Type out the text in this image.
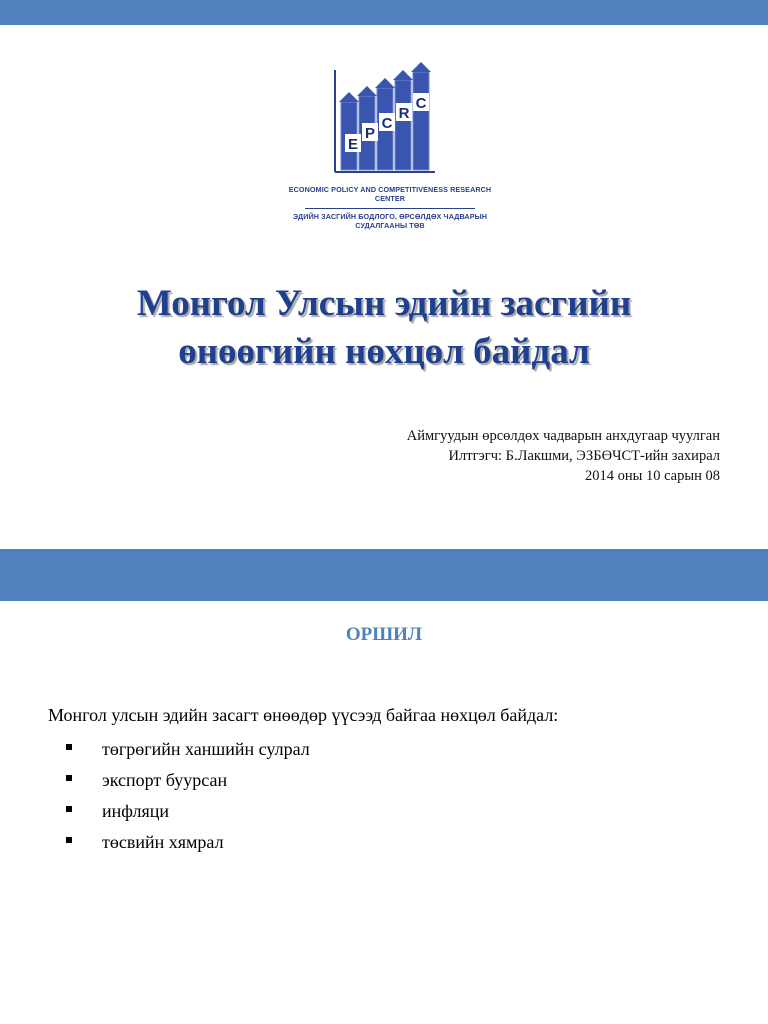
E
P
C
R
C
ECONOMIC POLICY AND COMPETITIVENESS RESEARCH CENTER
ЭДИЙН ЗАСГИЙН БОДЛОГО, ӨРСӨЛДӨХ ЧАДВАРЫН СУДАЛГААНЫ ТӨВ
Монгол Улсын эдийн засгийн
өнөөгийн нөхцөл байдал
Аймгуудын өрсөлдөх чадварын анхдугаар чуулган
Илтгэгч: Б.Лакшми, ЭЗБӨЧСТ-ийн захирал
2014 оны 10 сарын 08
ОРШИЛ
Монгол улсын эдийн засагт өнөөдөр үүсээд байгаа нөхцөл байдал:
төгрөгийн ханшийн сулрал
экспорт буурсан
инфляци
төсвийн хямрал
